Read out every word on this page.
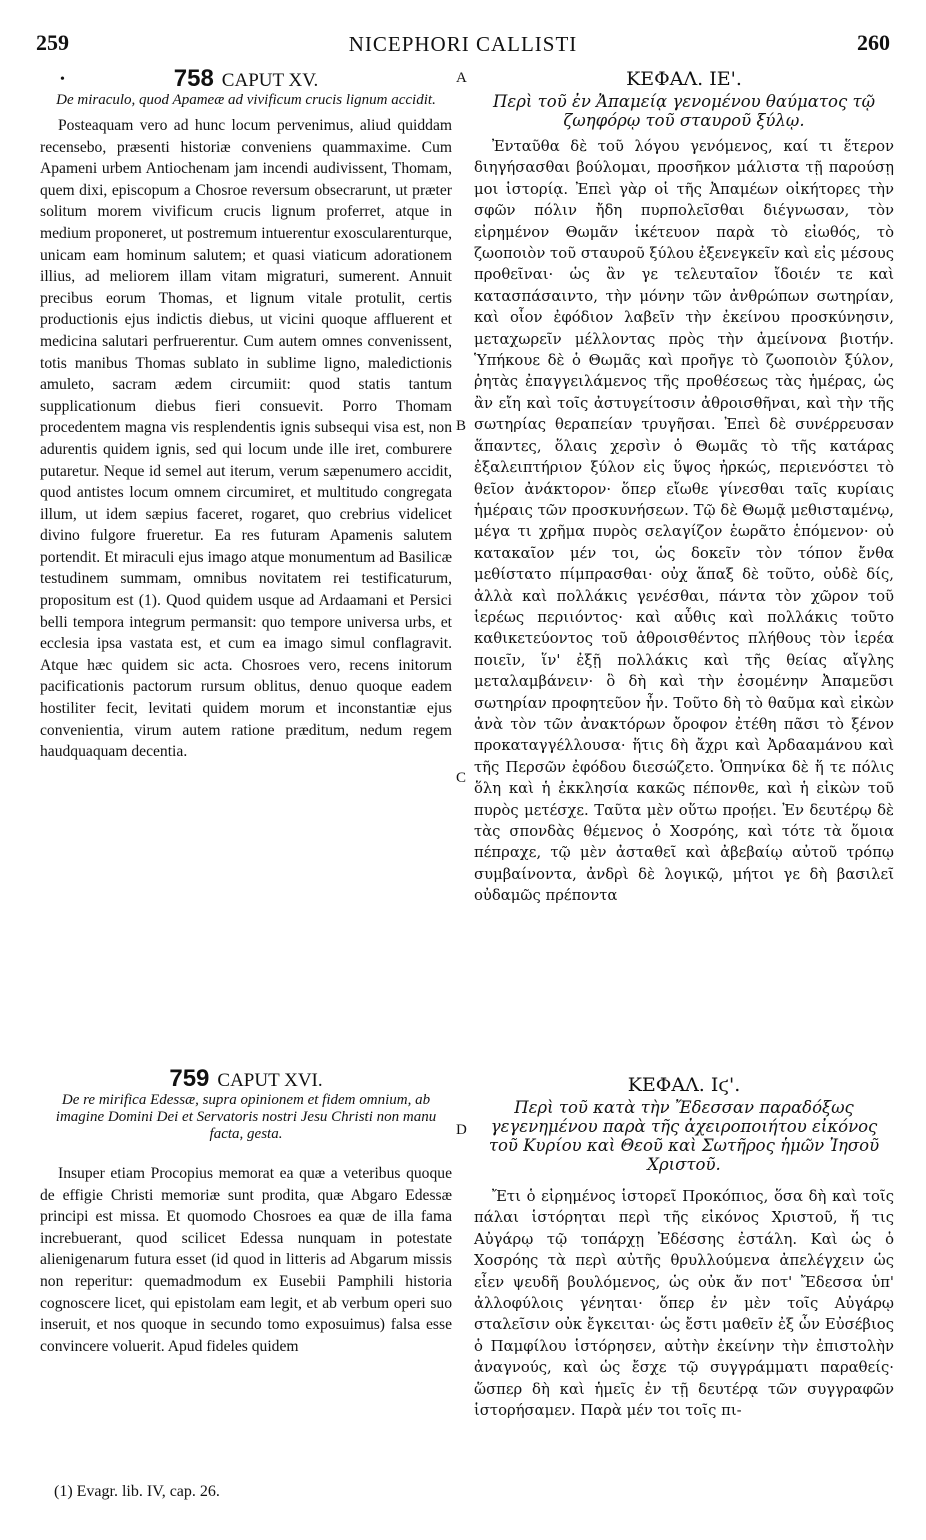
259	NICEPHORI CALLISTI	260
•	A
B
C
D

758 CAPUT XV.

De miraculo, quod Apameæ ad vivificum crucis lignum accidit.

Posteaquam vero ad hunc locum pervenimus, aliud quiddam recensebo, præsenti historiæ conveniens quammaxime. Cum Apameni urbem Antiochenam jam incendi audivissent, Thomam, quem dixi, episcopum a Chosroe reversum obsecrarunt, ut præter solitum morem vivificum crucis lignum proferret, atque in medium proponeret, ut postremum intuerentur exoscularenturque, unicam eam hominum salutem; et quasi viaticum adorationem illius, ad meliorem illam vitam migraturi, sumerent. Annuit precibus eorum Thomas, et lignum vitale protulit, certis productionis ejus indictis diebus, ut vicini quoque affluerent et medicina salutari perfruerentur. Cum autem omnes convenissent, totis manibus Thomas sublato in sublime ligno, maledictionis amuleto, sacram ædem circumiit: quod statis tantum supplicationum diebus fieri consuevit. Porro Thomam procedentem magna vis resplendentis ignis subsequi visa est, non adurentis quidem ignis, sed qui locum unde ille iret, comburere putaretur. Neque id semel aut iterum, verum sæpenumero accidit, quod antistes locum omnem circumiret, et multitudo congregata illum, ut idem sæpius faceret, rogaret, quo crebrius videlicet divino fulgore frueretur. Ea res futuram Apamenis salutem portendit. Et miraculi ejus imago atque monumentum ad Basilicæ testudinem summam, omnibus novitatem rei testificaturum, propositum est (1). Quod quidem usque ad Ardaamani et Persici belli tempora integrum permansit: quo tempore universa urbs, et ecclesia ipsa vastata est, et cum ea imago simul conflagravit. Atque hæc quidem sic acta. Chosroes vero, recens initorum pacificationis pactorum rursum oblitus, denuo quoque eadem hostiliter fecit, levitati quidem morum et inconstantiæ ejus convenientia, virum autem ratione præditum, nedum regem haudquaquam decentia.

759 CAPUT XVI.

De re mirifica Edessæ, supra opinionem et fidem omnium, ab imagine Domini Dei et Servatoris nostri Jesu Christi non manu facta, gesta.

Insuper etiam Procopius memorat ea quæ a veteribus quoque de effigie Christi memoriæ sunt prodita, quæ Abgaro Edessæ principi est missa. Et quomodo Chosroes ea quæ de illa fama increbuerant, quod scilicet Edessa nunquam in potestate alienigenarum futura esset (id quod in litteris ad Abgarum missis non reperitur: quemadmodum ex Eusebii Pamphili historia cognoscere licet, qui epistolam eam legit, et ab verbum operi suo inseruit, et nos quoque in secundo tomo exposuimus) falsa esse convincere voluerit. Apud fideles quidem

(1) Evagr. lib. IV, cap. 26.

ΚΕΦΑΛ. ΙΕ'.

Περὶ τοῦ ἐν Ἀπαμείᾳ γενομένου θαύματος τῷ ζωηφόρῳ τοῦ σταυροῦ ξύλῳ.

Ἐνταῦθα δὲ τοῦ λόγου γενόμενος, καί τι ἕτερον διηγήσασθαι βούλομαι, προσῆκον μάλιστα τῇ παρούσῃ μοι ἱστορίᾳ. Ἐπεὶ γὰρ οἱ τῆς Ἀπαμέων οἰκήτορες τὴν σφῶν πόλιν ἤδη πυρπολεῖσθαι διέγνωσαν, τὸν εἰρημένον Θωμᾶν ἱκέτευον παρὰ τὸ εἰωθός, τὸ ζωοποιὸν τοῦ σταυροῦ ξύλου ἐξενεγκεῖν καὶ εἰς μέσους προθεῖναι· ὡς ἂν γε τελευταῖον ἴδοιέν τε καὶ κατασπάσαιντο, τὴν μόνην τῶν ἀνθρώπων σωτηρίαν, καὶ οἷον ἐφόδιον λαβεῖν τὴν ἐκείνου προσκύνησιν, μεταχωρεῖν μέλλοντας πρὸς τὴν ἀμείνονα βιοτήν. Ὑπήκουε δὲ ὁ Θωμᾶς καὶ προῆγε τὸ ζωοποιὸν ξύλον, ῥητὰς ἐπαγγειλάμενος τῆς προθέσεως τὰς ἡμέρας, ὡς ἂν εἴη καὶ τοῖς ἀστυγείτοσιν ἀθροισθῆναι, καὶ τὴν τῆς σωτηρίας θεραπείαν τρυγῆσαι. Ἐπεὶ δὲ συνέρρευσαν ἅπαντες, ὅλαις χερσὶν ὁ Θωμᾶς τὸ τῆς κατάρας ἐξαλειπτήριον ξύλον εἰς ὕψος ἠρκώς, περιενόστει τὸ θεῖον ἀνάκτορον· ὅπερ εἴωθε γίνεσθαι ταῖς κυρίαις ἡμέραις τῶν προσκυνήσεων. Τῷ δὲ Θωμᾷ μεθισταμένῳ, μέγα τι χρῆμα πυρὸς σελαγίζον ἑωρᾶτο ἑπόμενον· οὐ κατακαῖον μέν τοι, ὡς δοκεῖν τὸν τόπον ἔνθα μεθίστατο πίμπρασθαι· οὐχ ἅπαξ δὲ τοῦτο, οὐδὲ δίς, ἀλλὰ καὶ πολλάκις γενέσθαι, πάντα τὸν χῶρον τοῦ ἱερέως περιιόντος· καὶ αὖθις καὶ πολλάκις τοῦτο καθικετεύοντος τοῦ ἀθροισθέντος πλήθους τὸν ἱερέα ποιεῖν, ἵν' ἐξῇ πολλάκις καὶ τῆς θείας αἴγλης μεταλαμβάνειν· ὃ δὴ καὶ τὴν ἐσομένην Ἀπαμεῦσι σωτηρίαν προφητεῦον ἦν. Τοῦτο δὴ τὸ θαῦμα καὶ εἰκὼν ἀνὰ τὸν τῶν ἀνακτόρων ὄροφον ἐτέθη πᾶσι τὸ ξένον προκαταγγέλλουσα· ἥτις δὴ ἄχρι καὶ Ἀρδααμάνου καὶ τῆς Περσῶν ἐφόδου διεσώζετο. Ὁπηνίκα δὲ ἥ τε πόλις ὅλη καὶ ἡ ἐκκλησία κακῶς πέπονθε, καὶ ἡ εἰκὼν τοῦ πυρὸς μετέσχε. Ταῦτα μὲν οὕτω προῄει. Ἐν δευτέρῳ δὲ τὰς σπονδὰς θέμενος ὁ Χοσρόης, καὶ τότε τὰ ὅμοια πέπραχε, τῷ μὲν ἀσταθεῖ καὶ ἀβεβαίῳ αὐτοῦ τρόπῳ συμβαίνοντα, ἀνδρὶ δὲ λογικῷ, μήτοι γε δὴ βασιλεῖ οὐδαμῶς πρέποντα

ΚΕΦΑΛ. Ιϛ'.

Περὶ τοῦ κατὰ τὴν Ἔδεσσαν παραδόξως γεγενημένου παρὰ τῆς ἀχειροποιήτου εἰκόνος τοῦ Κυρίου καὶ Θεοῦ καὶ Σωτῆρος ἡμῶν Ἰησοῦ Χριστοῦ.

Ἔτι ὁ εἰρημένος ἱστορεῖ Προκόπιος, ὅσα δὴ καὶ τοῖς πάλαι ἱστόρηται περὶ τῆς εἰκόνος Χριστοῦ, ἥ τις Αὐγάρῳ τῷ τοπάρχῃ Ἐδέσσης ἐστάλη. Καὶ ὡς ὁ Χοσρόης τὰ περὶ αὐτῆς θρυλλούμενα ἀπελέγχειν ὡς εἶεν ψευδῆ βουλόμενος, ὡς οὐκ ἄν ποτ' Ἔδεσσα ὑπ' ἀλλοφύλοις γένηται· ὅπερ ἐν μὲν τοῖς Αὐγάρῳ σταλεῖσιν οὐκ ἔγκειται· ὡς ἔστι μαθεῖν ἐξ ὧν Εὐσέβιος ὁ Παμφίλου ἱστόρησεν, αὐτὴν ἐκείνην τὴν ἐπιστολὴν ἀναγνούς, καὶ ὡς ἔσχε τῷ συγγράμματι παραθείς· ὥσπερ δὴ καὶ ἡμεῖς ἐν τῇ δευτέρᾳ τῶν συγγραφῶν ἱστορήσαμεν. Παρὰ μέν τοι τοῖς πι-
